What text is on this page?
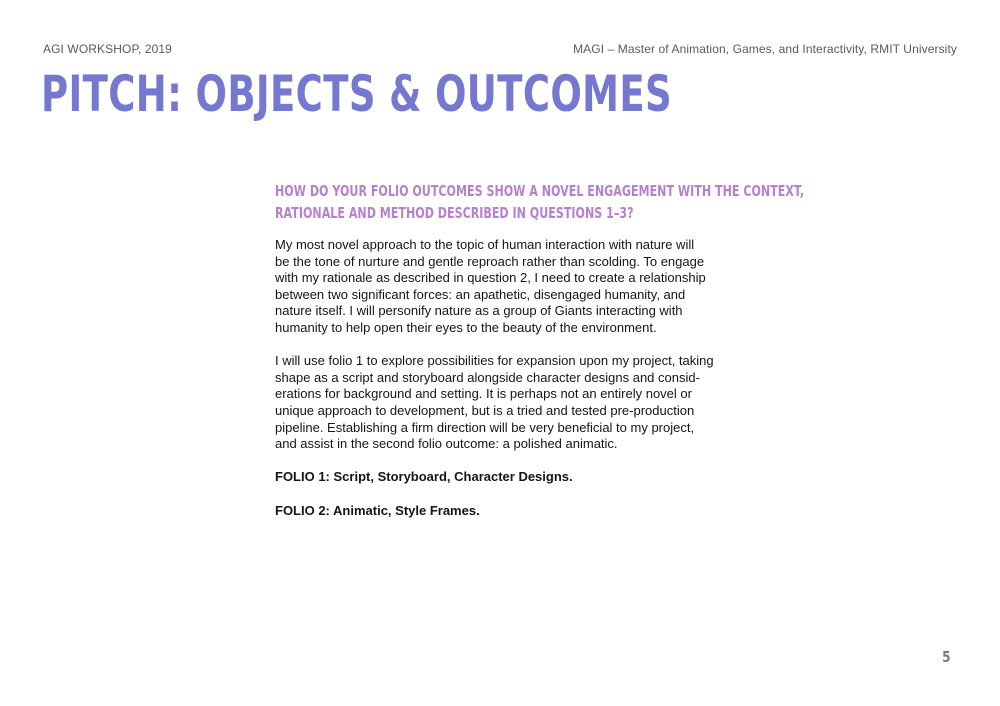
AGI WORKSHOP, 2019	MAGI – Master of Animation, Games, and Interactivity, RMIT University
PITCH: OBJECTS & OUTCOMES
HOW DO YOUR FOLIO OUTCOMES SHOW A NOVEL ENGAGEMENT WITH THE CONTEXT,
RATIONALE AND METHOD DESCRIBED IN QUESTIONS 1–3?

My most novel approach to the topic of human interaction with nature will
be the tone of nurture and gentle reproach rather than scolding. To engage
with my rationale as described in question 2, I need to create a relationship
between two significant forces: an apathetic, disengaged humanity, and
nature itself. I will personify nature as a group of Giants interacting with
humanity to help open their eyes to the beauty of the environment.

I will use folio 1 to explore possibilities for expansion upon my project, taking
shape as a script and storyboard alongside character designs and consid-
erations for background and setting. It is perhaps not an entirely novel or
unique approach to development, but is a tried and tested pre-production
pipeline. Establishing a firm direction will be very beneficial to my project,
and assist in the second folio outcome: a polished animatic.

FOLIO 1: Script, Storyboard, Character Designs.

FOLIO 2: Animatic, Style Frames.

5
